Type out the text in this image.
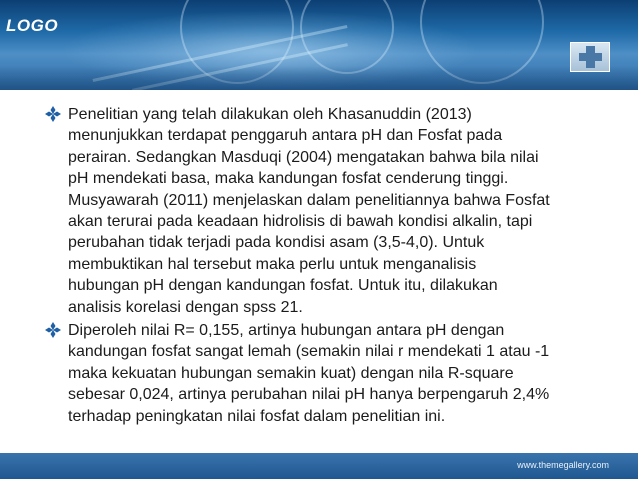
LOGO
Penelitian yang telah dilakukan oleh Khasanuddin (2013)
menunjukkan terdapat penggaruh antara pH dan Fosfat pada
perairan. Sedangkan Masduqi (2004) mengatakan bahwa bila nilai
pH mendekati basa, maka kandungan fosfat cenderung tinggi.
Musyawarah (2011) menjelaskan dalam penelitiannya bahwa Fosfat
akan terurai pada keadaan hidrolisis di bawah kondisi alkalin, tapi
perubahan tidak terjadi pada kondisi asam (3,5-4,0). Untuk
membuktikan hal tersebut maka perlu untuk menganalisis
hubungan pH dengan kandungan fosfat. Untuk itu, dilakukan
analisis korelasi dengan spss 21.
Diperoleh nilai R= 0,155, artinya hubungan antara pH dengan
kandungan fosfat sangat lemah (semakin nilai r mendekati 1 atau -1
maka kekuatan hubungan semakin kuat) dengan nila R-square
sebesar 0,024, artinya perubahan nilai pH hanya berpengaruh 2,4%
terhadap peningkatan nilai fosfat dalam penelitian ini.
www.themegallery.com
